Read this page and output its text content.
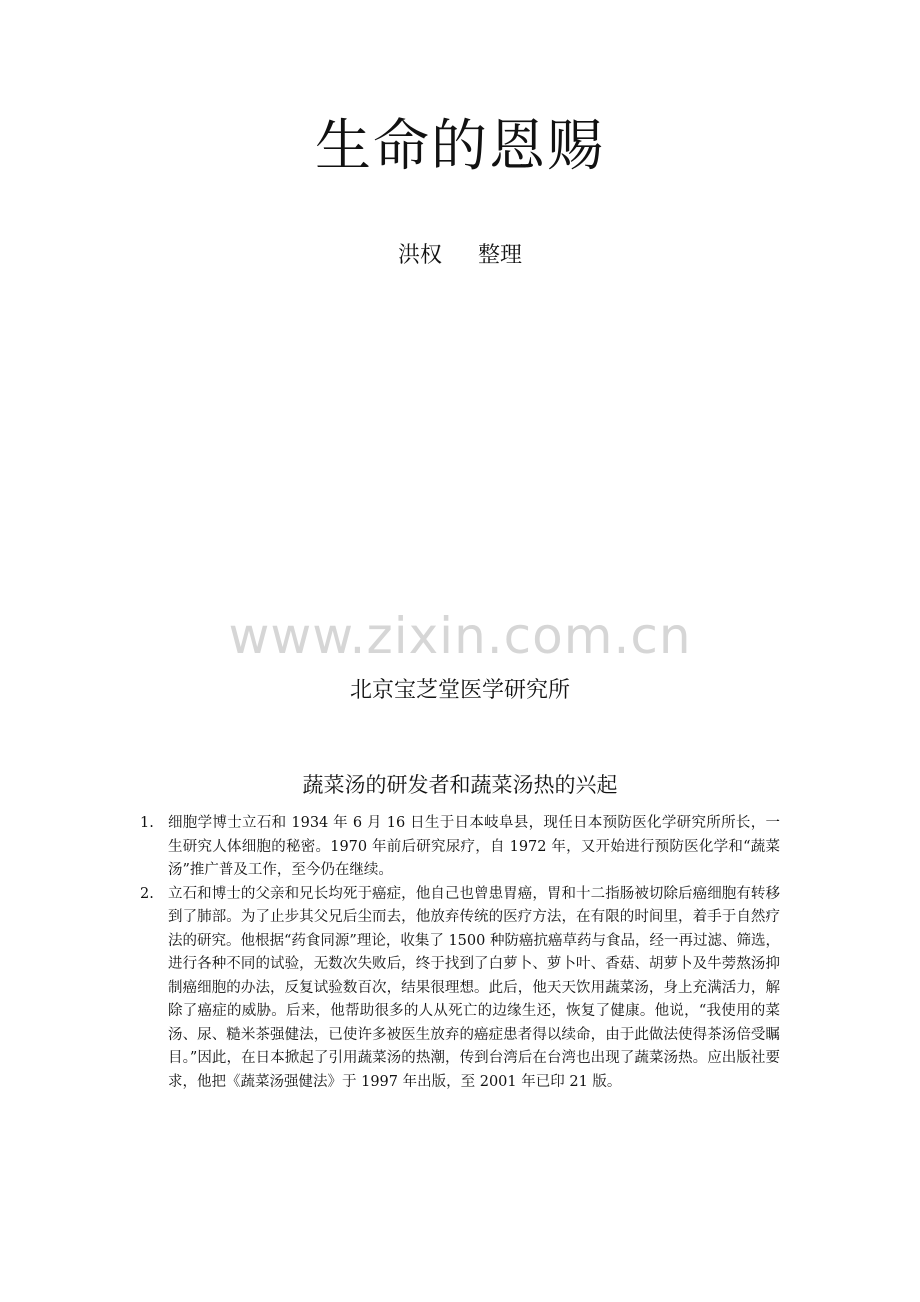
生命的恩赐
洪权 整理
www.zixin.com.cn
北京宝芝堂医学研究所
蔬菜汤的研发者和蔬菜汤热的兴起
1. 细胞学博士立石和 1934 年 6 月 16 日生于日本岐阜县，现任日本预防医化学研究所所长，一生研究人体细胞的秘密。1970 年前后研究尿疗，自 1972 年，又开始进行预防医化学和“蔬菜汤”推广普及工作，至今仍在继续。
2. 立石和博士的父亲和兄长均死于癌症，他自己也曾患胃癌，胃和十二指肠被切除后癌细胞有转移到了肺部。为了止步其父兄后尘而去，他放弃传统的医疗方法，在有限的时间里，着手于自然疗法的研究。他根据“药食同源”理论，收集了 1500 种防癌抗癌草药与食品，经一再过滤、筛选，进行各种不同的试验，无数次失败后，终于找到了白萝卜、萝卜叶、香菇、胡萝卜及牛蒡熬汤抑制癌细胞的办法，反复试验数百次，结果很理想。此后，他天天饮用蔬菜汤，身上充满活力，解除了癌症的威胁。后来，他帮助很多的人从死亡的边缘生还，恢复了健康。他说，“我使用的菜汤、尿、糙米茶强健法，已使许多被医生放弃的癌症患者得以续命，由于此做法使得茶汤倍受瞩目。”因此，在日本掀起了引用蔬菜汤的热潮，传到台湾后在台湾也出现了蔬菜汤热。应出版社要求，他把《蔬菜汤强健法》于 1997 年出版，至 2001 年已印 21 版。
